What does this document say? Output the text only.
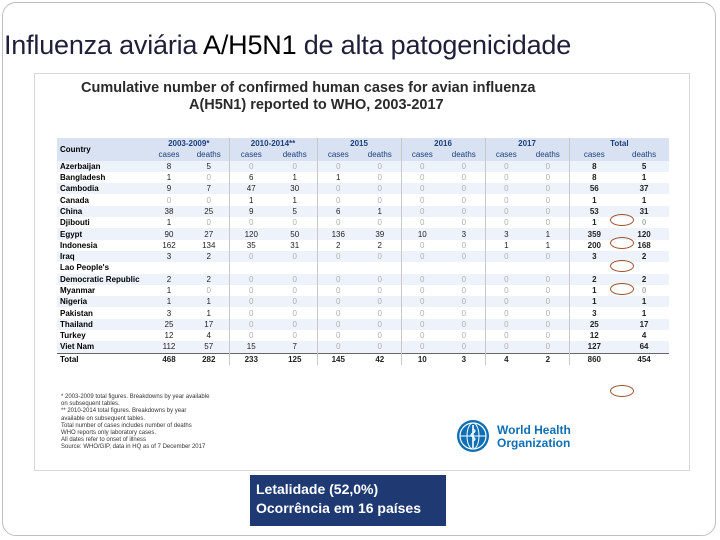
Influenza aviária A/H5N1 de alta patogenicidade
Cumulative number of confirmed human cases for avian influenza
A(H5N1) reported to WHO, 2003-2017
Country	2003-2009*		2010-2014**		2015		2016		2017		Total	
	cases	deaths	cases	deaths	cases	deaths	cases	deaths	cases	deaths	cases	deaths
Azerbaijan	8	5	0	0	0	0	0	0	0	0	8	5
Bangladesh	1	0	6	1	1	0	0	0	0	0	8	1
Cambodia	9	7	47	30	0	0	0	0	0	0	56	37
Canada	0	0	1	1	0	0	0	0	0	0	1	1
China	38	25	9	5	6	1	0	0	0	0	53	31
Djibouti	1	0	0	0	0	0	0	0	0	0	1	0
Egypt	90	27	120	50	136	39	10	3	3	1	359	120
Indonesia	162	134	35	31	2	2	0	0	1	1	200	168
Iraq	3	2	0	0	0	0	0	0	0	0	3	2
Lao People's												
Democratic Republic	2	2	0	0	0	0	0	0	0	0	2	2
Myanmar	1	0	0	0	0	0	0	0	0	0	1	0
Nigeria	1	1	0	0	0	0	0	0	0	0	1	1
Pakistan	3	1	0	0	0	0	0	0	0	0	3	1
Thailand	25	17	0	0	0	0	0	0	0	0	25	17
Turkey	12	4	0	0	0	0	0	0	0	0	12	4
Viet Nam	112	57	15	7	0	0	0	0	0	0	127	64
Total	468	282	233	125	145	42	10	3	4	2	860	454
* 2003-2009 total figures. Breakdowns by year available
on subsequent tables.
** 2010-2014 total figures. Breakdowns by year
available on subsequent tables.
Total number of cases includes number of deaths
WHO reports only laboratory cases.
All dates refer to onset of illness
Source: WHO/GIP, data in HQ as of 7 December 2017
World Health
Organization
Letalidade (52,0%)
Ocorrência em 16 países
